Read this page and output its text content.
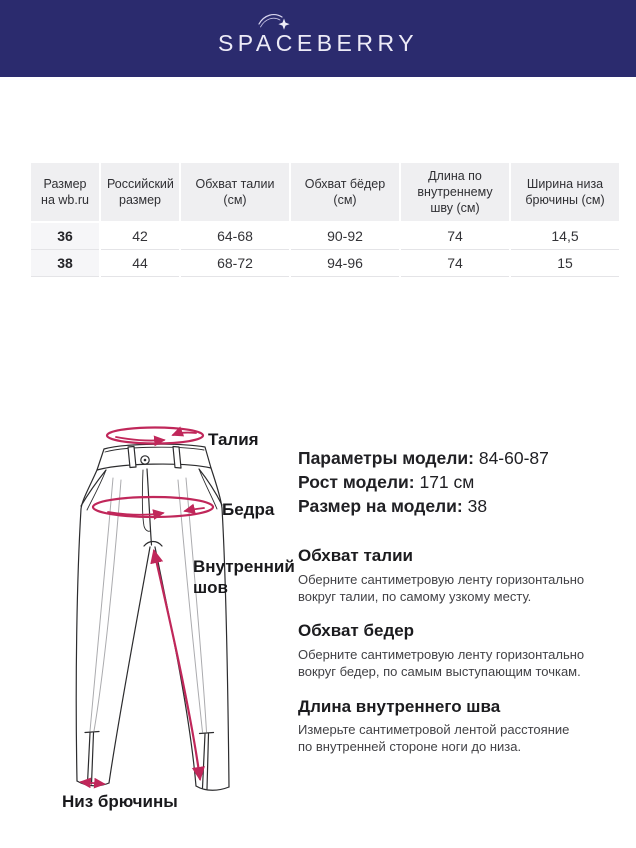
SPACEBERRY
Размер на wb.ru	Российский размер	Обхват талии (см)	Обхват бёдер (см)	Длина по внутреннему шву (см)	Ширина низа брючины (см)
36	42	64-68	90-92	74	14,5
38	44	68-72	94-96	74	15
Талия
Бедра
Внутренний шов
Низ брючины
Параметры модели: 84-60-87
Рост модели: 171 см
Размер на модели: 38
Обхват талии
Оберните сантиметровую ленту горизонтально вокруг талии, по самому узкому месту.
Обхват бедер
Оберните сантиметровую ленту горизонтально вокруг бедер, по самым выступающим точкам.
Длина внутреннего шва
Измерьте сантиметровой лентой расстояние по внутренней стороне ноги до низа.
